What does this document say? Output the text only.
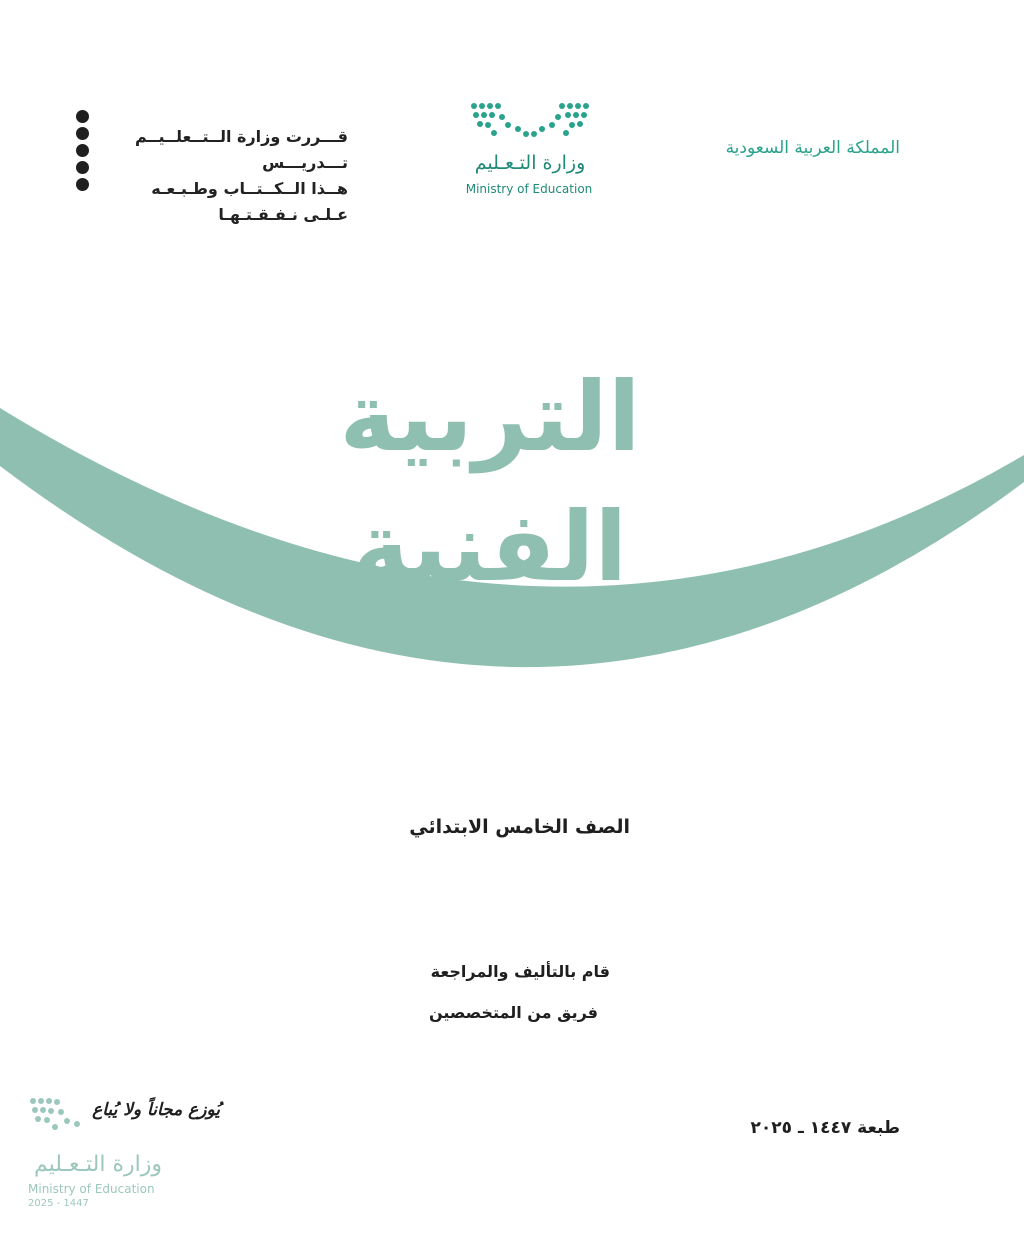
قـــررت وزارة الــتــعلــيــم تـــدريـــس
هــذا الــكــتــاب وطـبـعـه عـلـى نـفـقـتـهـا
وزارة التـعـليم
Ministry of Education
المملكة العربية السعودية
التربية الفنية
الصف الخامس الابتدائي
قام بالتأليف والمراجعة
فريق من المتخصصين
طبعة ١٤٤٧ ـ ٢٠٢٥
يُوزع مجاناً ولا يُباع
وزارة التـعـليم
Ministry of Education
2025 - 1447
